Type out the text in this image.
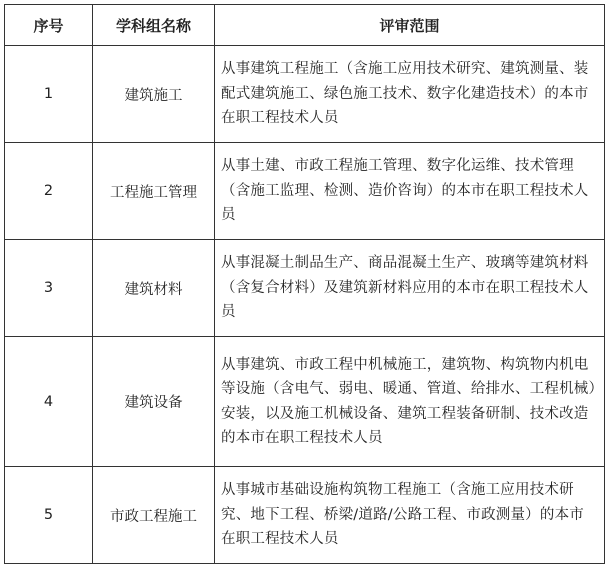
序号	学科组名称	评审范围
1	建筑施工	从事建筑工程施工（含施工应用技术研究、建筑测量、装配式建筑施工、绿色施工技术、数字化建造技术）的本市在职工程技术人员
2	工程施工管理	从事土建、市政工程施工管理、数字化运维、技术管理（含施工监理、检测、造价咨询）的本市在职工程技术人员
3	建筑材料	从事混凝土制品生产、商品混凝土生产、玻璃等建筑材料（含复合材料）及建筑新材料应用的本市在职工程技术人员
4	建筑设备	从事建筑、市政工程中机械施工，建筑物、构筑物内机电等设施（含电气、弱电、暖通、管道、给排水、工程机械）安装，以及施工机械设备、建筑工程装备研制、技术改造的本市在职工程技术人员
5	市政工程施工	从事城市基础设施构筑物工程施工（含施工应用技术研究、地下工程、桥梁/道路/公路工程、市政测量）的本市在职工程技术人员
